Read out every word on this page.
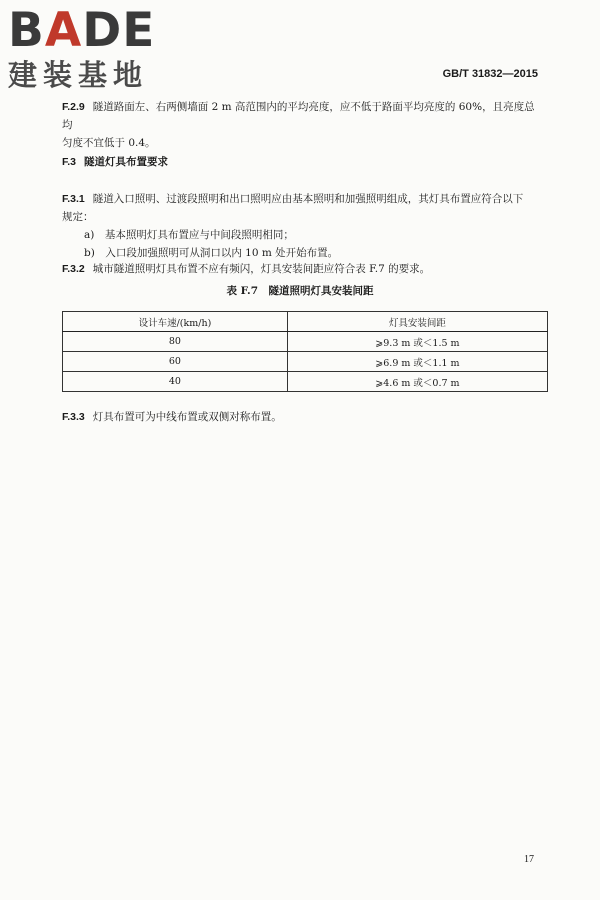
BADE
建装基地	GB/T 31832—2015
F.2.9 隧道路面左、右两侧墙面 2 m 高范围内的平均亮度，应不低于路面平均亮度的 60%，且亮度总均
匀度不宜低于 0.4。
F.3 隧道灯具布置要求
F.3.1 隧道入口照明、过渡段照明和出口照明应由基本照明和加强照明组成，其灯具布置应符合以下
规定：
a)　 基本照明灯具布置应与中间段照明相同；
b)　 入口段加强照明可从洞口以内 10 m 处开始布置。
F.3.2 城市隧道照明灯具布置不应有频闪，灯具安装间距应符合表 F.7 的要求。
表 F.7　隧道照明灯具安装间距
设计车速/(km/h)	灯具安装间距
80	⩾9.3 m 或＜1.5 m
60	⩾6.9 m 或＜1.1 m
40	⩾4.6 m 或＜0.7 m
F.3.3 灯具布置可为中线布置或双侧对称布置。
17
